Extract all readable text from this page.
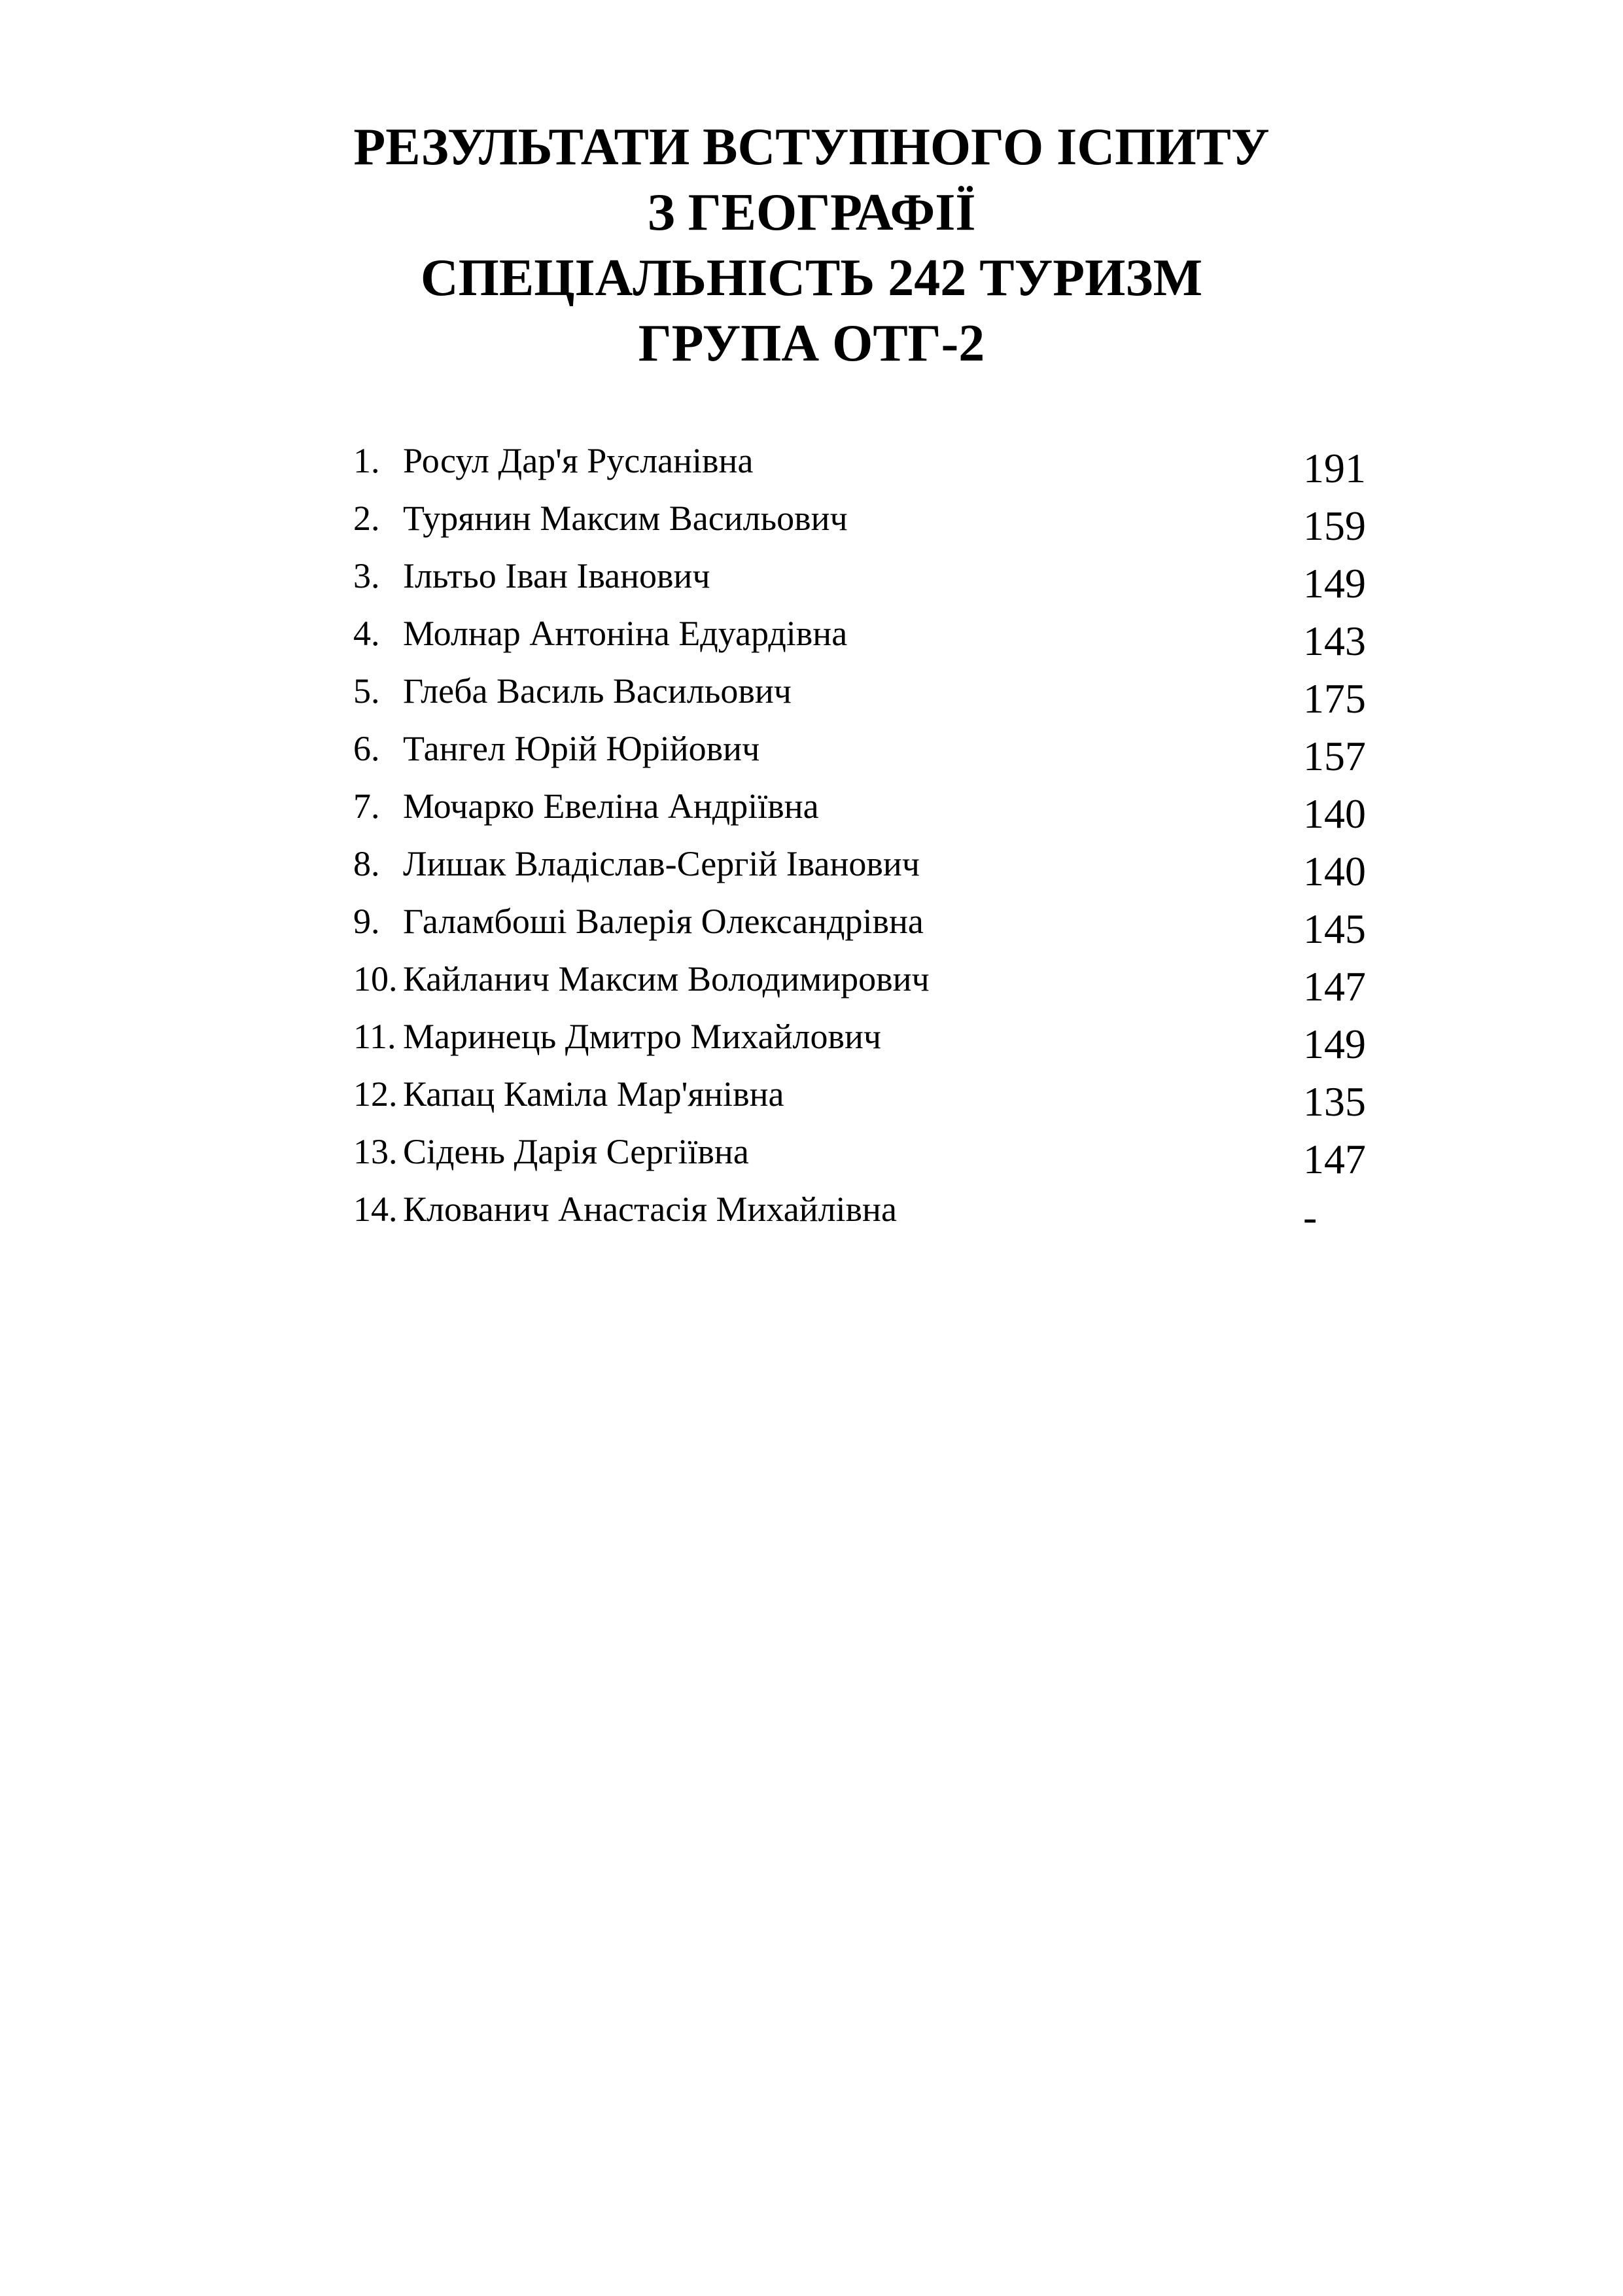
РЕЗУЛЬТАТИ ВСТУПНОГО ІСПИТУ
З ГЕОГРАФІЇ
СПЕЦІАЛЬНІСТЬ 242 ТУРИЗМ
ГРУПА ОТГ-2
1. Росул Дар'я Русланівна	191
2. Турянин Максим Васильович	159
3. Ільтьо Іван Іванович	149
4. Молнар Антоніна Едуардівна	143
5. Глеба Василь Васильович	175
6. Тангел Юрій Юрійович	157
7. Мочарко Евеліна Андріївна	140
8. Лишак Владіслав-Сергій Іванович	140
9. Галамбоші Валерія Олександрівна	145
10. Кайланич Максим Володимирович	147
11. Маринець Дмитро Михайлович	149
12. Капац Каміла Мар'янівна	135
13. Сідень Дарія Сергіївна	147
14. Клованич Анастасія Михайлівна	-
